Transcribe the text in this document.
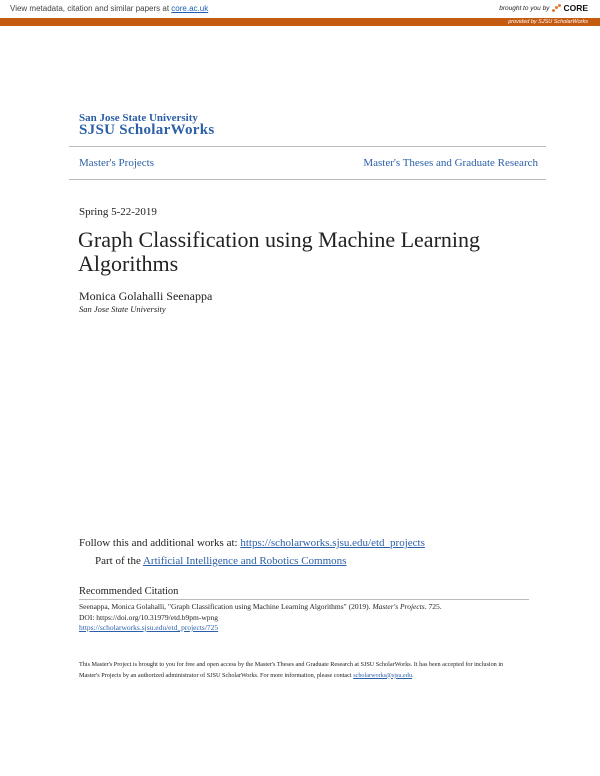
View metadata, citation and similar papers at core.ac.uk	brought to you by CORE
provided by SJSU ScholarWorks
San Jose State University
SJSU ScholarWorks
Master's Projects	Master's Theses and Graduate Research
Spring 5-22-2019
Graph Classification using Machine Learning Algorithms
Monica Golahalli Seenappa
San Jose State University
Follow this and additional works at: https://scholarworks.sjsu.edu/etd_projects
Part of the Artificial Intelligence and Robotics Commons
Recommended Citation
Seenappa, Monica Golahalli, "Graph Classification using Machine Learning Algorithms" (2019). Master's Projects. 725.
DOI: https://doi.org/10.31979/etd.b9pm-wpng
https://scholarworks.sjsu.edu/etd_projects/725
This Master's Project is brought to you for free and open access by the Master's Theses and Graduate Research at SJSU ScholarWorks. It has been accepted for inclusion in Master's Projects by an authorized administrator of SJSU ScholarWorks. For more information, please contact scholarworks@sjsu.edu.
